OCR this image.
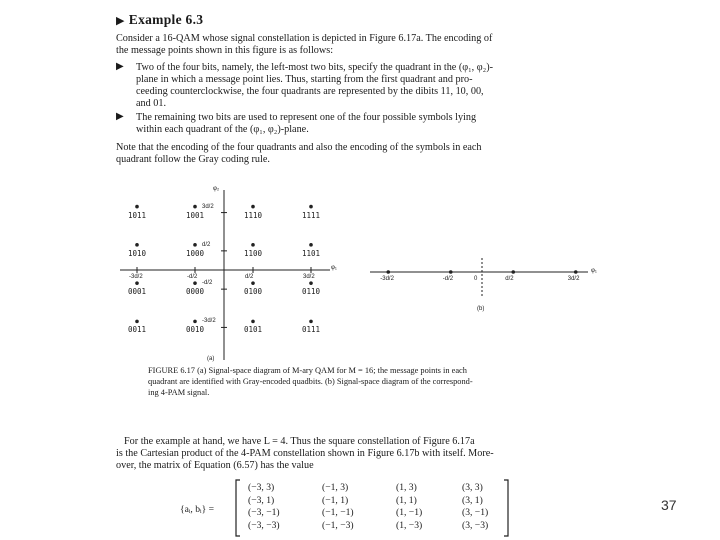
▶ Example 6.3
Consider a 16-QAM whose signal constellation is depicted in Figure 6.17a. The encoding of
the message points shown in this figure is as follows:
▶ Two of the four bits, namely, the left-most two bits, specify the quadrant in the (φ₁, φ₂)-
plane in which a message point lies. Thus, starting from the first quadrant and pro-
ceeding counterclockwise, the four quadrants are represented by the dibits 11, 10, 00,
and 01.
▶ The remaining two bits are used to represent one of the four possible symbols lying
within each quadrant of the (φ₁, φ₂)-plane.
Note that the encoding of the four quadrants and also the encoding of the symbols in each
quadrant follow the Gray coding rule.
φ₂
φ₁
(a)
φ₁
(b)
FIGURE 6.17 (a) Signal-space diagram of M-ary QAM for M = 16; the message points in each
quadrant are identified with Gray-encoded quadbits. (b) Signal-space diagram of the correspond-
ing 4-PAM signal.
For the example at hand, we have L = 4. Thus the square constellation of Figure 6.17a
is the Cartesian product of the 4-PAM constellation shown in Figure 6.17b with itself. More-
over, the matrix of Equation (6.57) has the value
{aᵢ, bᵢ} =	37
1011	1001	1110	1111
1010	1000	1100	1101
0001	0000	0100	0110
0011	0010	0101	0111
-3d/2	-d/2	d/2	3d/2
3d/2
d/2
-d/2
-3d/2
-3d/2	-d/2	0	d/2	3d/2
(−3, 3)	(−1, 3)	(1, 3)	(3, 3)
(−3, 1)	(−1, 1)	(1, 1)	(3, 1)
(−3, −1)	(−1, −1)	(1, −1)	(3, −1)
(−3, −3)	(−1, −3)	(1, −3)	(3, −3)
